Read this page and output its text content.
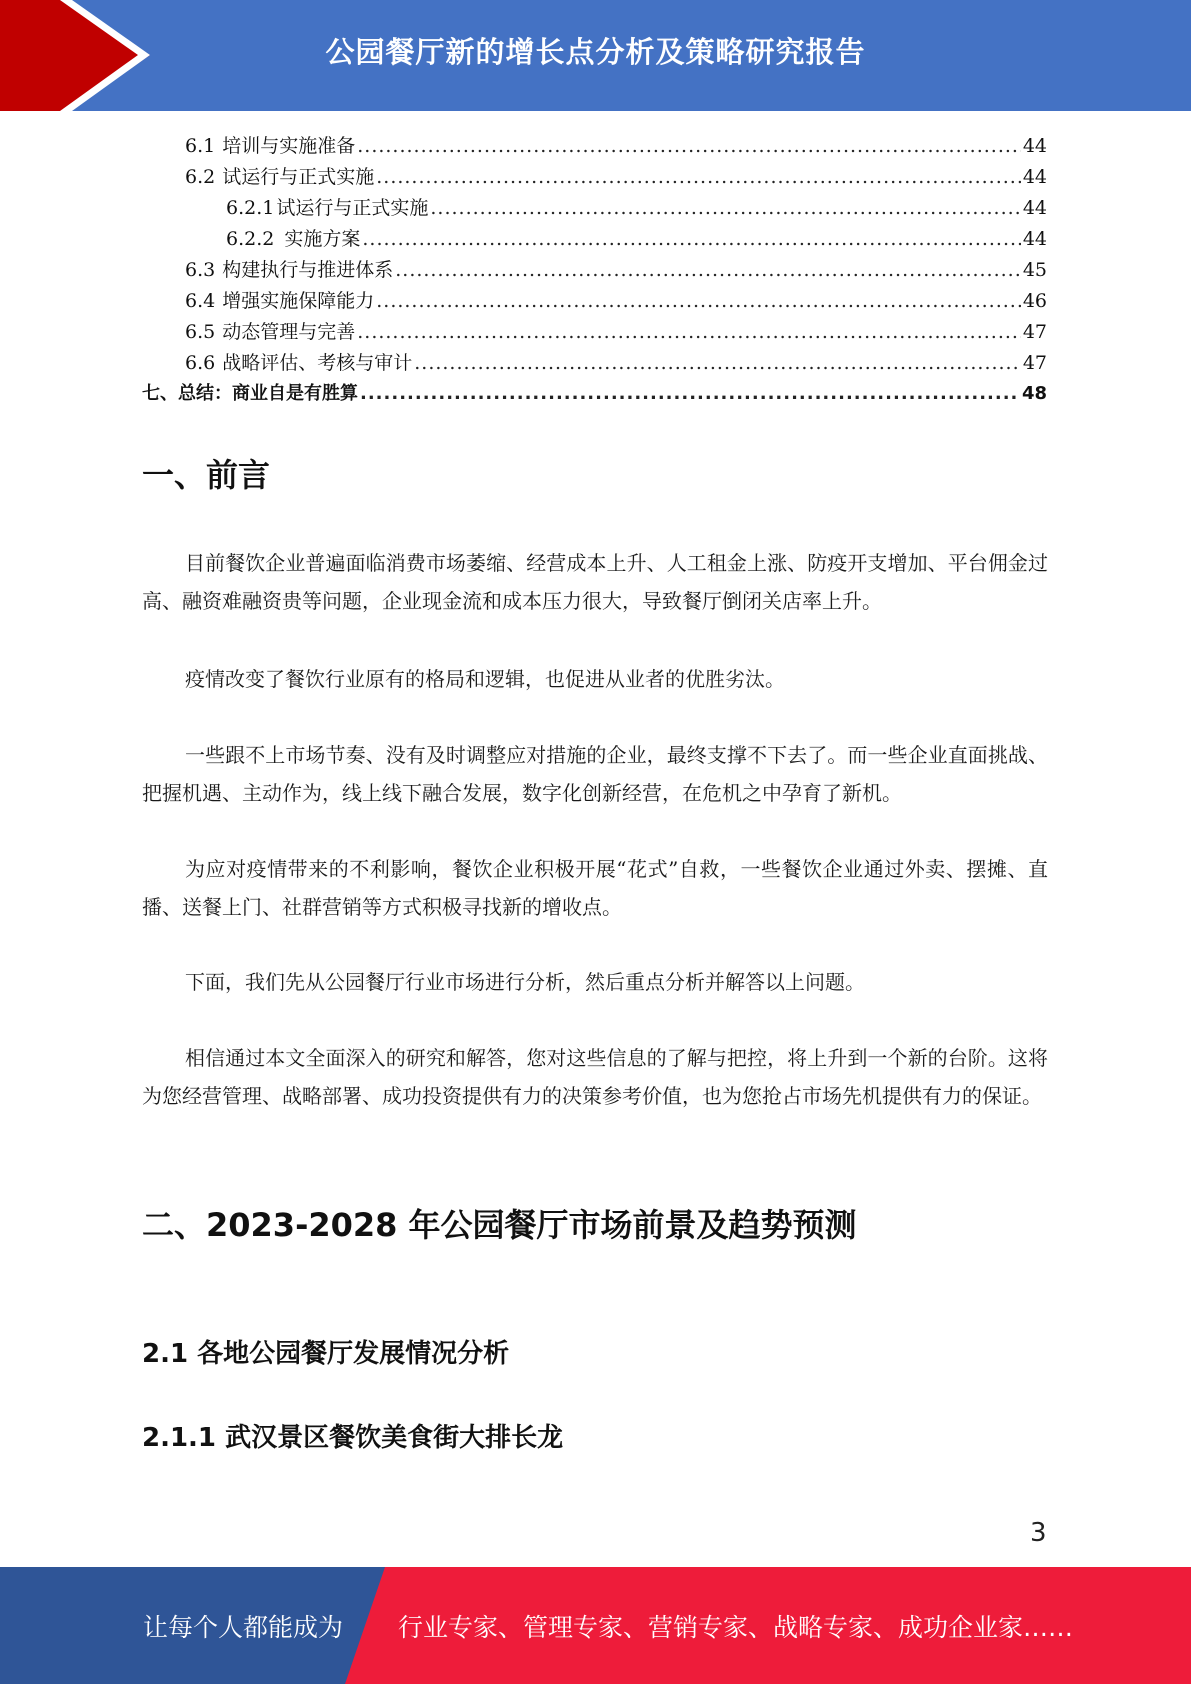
公园餐厅新的增长点分析及策略研究报告
6.1 培训与实施准备 .....	44
6.2 试运行与正式实施 .....	44
6.2.1 试运行与正式实施 .....	44
6.2.2 实施方案 .....	44
6.3 构建执行与推进体系 .....	45
6.4 增强实施保障能力 .....	46
6.5 动态管理与完善 .....	47
6.6 战略评估、考核与审计 .....	47
七、总结：商业自是有胜算 .....	48
一、前言

目前餐饮企业普遍面临消费市场萎缩、经营成本上升、人工租金上涨、防疫开支增加、平台佣金过高、融资难融资贵等问题，企业现金流和成本压力很大，导致餐厅倒闭关店率上升。

疫情改变了餐饮行业原有的格局和逻辑，也促进从业者的优胜劣汰。

一些跟不上市场节奏、没有及时调整应对措施的企业，最终支撑不下去了。而一些企业直面挑战、把握机遇、主动作为，线上线下融合发展，数字化创新经营，在危机之中孕育了新机。

为应对疫情带来的不利影响，餐饮企业积极开展“花式”自救，一些餐饮企业通过外卖、摆摊、直播、送餐上门、社群营销等方式积极寻找新的增收点。

下面，我们先从公园餐厅行业市场进行分析，然后重点分析并解答以上问题。

相信通过本文全面深入的研究和解答，您对这些信息的了解与把控，将上升到一个新的台阶。这将为您经营管理、战略部署、成功投资提供有力的决策参考价值，也为您抢占市场先机提供有力的保证。

二、2023-2028 年公园餐厅市场前景及趋势预测
2.1 各地公园餐厅发展情况分析
2.1.1 武汉景区餐饮美食街大排长龙
3
让每个人都能成为 行业专家、管理专家、营销专家、战略专家、成功企业家……
